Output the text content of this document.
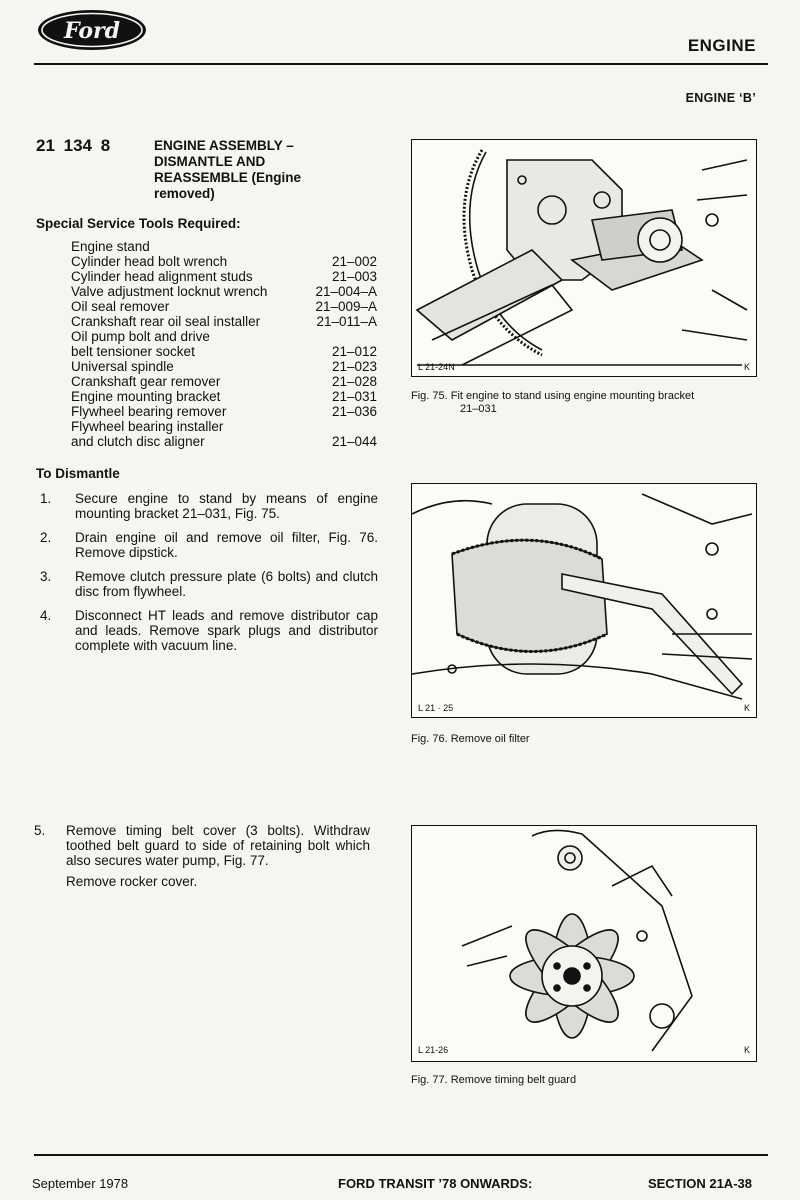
Ford
ENGINE
ENGINE ‘B’
21 134 8	ENGINE ASSEMBLY –
DISMANTLE AND
REASSEMBLE (Engine
removed)
Special Service Tools Required:
Engine stand
Cylinder head bolt wrench	21–002
Cylinder head alignment studs	21–003
Valve adjustment locknut wrench	21–004–A
Oil seal remover	21–009–A
Crankshaft rear oil seal installer	21–011–A
Oil pump bolt and drive
belt tensioner socket	21–012
Universal spindle	21–023
Crankshaft gear remover	21–028
Engine mounting bracket	21–031
Flywheel bearing remover	21–036
Flywheel bearing installer
and clutch disc aligner	21–044
To Dismantle
1.	Secure engine to stand by means of engine mounting bracket 21–031, Fig. 75.
2.	Drain engine oil and remove oil filter, Fig. 76. Remove dipstick.
3.	Remove clutch pressure plate (6 bolts) and clutch disc from flywheel.
4.	Disconnect HT leads and remove distributor cap and leads. Remove spark plugs and distributor complete with vacuum line.
5.	Remove timing belt cover (3 bolts). Withdraw toothed belt guard to side of retaining bolt which also secures water pump, Fig. 77.
Remove rocker cover.
L 21-24N	K
Fig. 75. Fit engine to stand using engine mounting bracket
21–031
L 21 · 25	K
Fig. 76. Remove oil filter
L 21-26	K
Fig. 77. Remove timing belt guard
September 1978	FORD TRANSIT ’78 ONWARDS:	SECTION 21A-38
